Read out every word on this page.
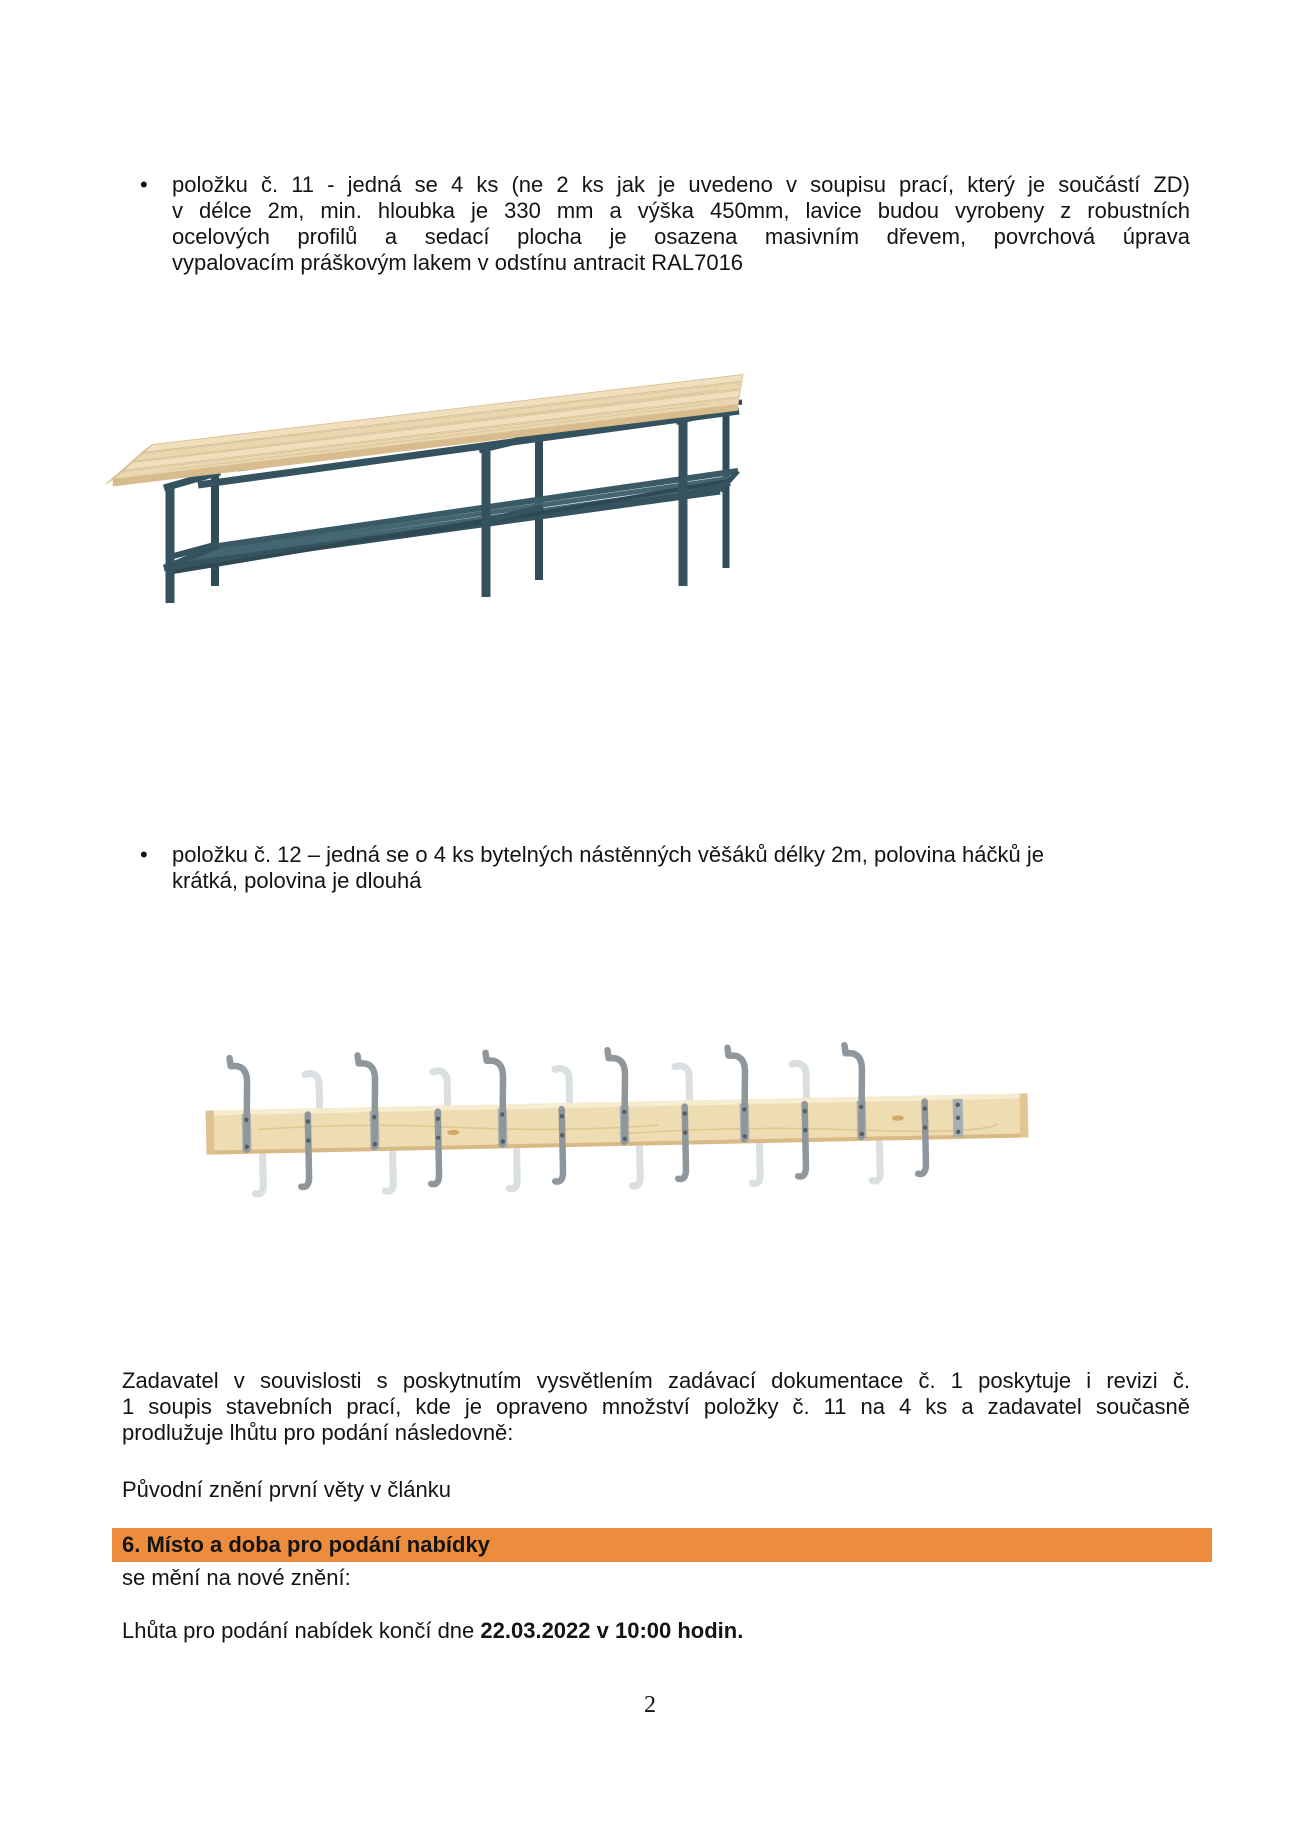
•	položku č. 11 - jedná se 4 ks (ne 2 ks jak je uvedeno v soupisu prací, který je součástí ZD)
v délce 2m, min. hloubka je 330 mm a výška 450mm, lavice budou vyrobeny z robustních
ocelových profilů a sedací plocha je osazena masivním dřevem, povrchová úprava
vypalovacím práškovým lakem v odstínu antracit RAL7016
•	položku č. 12 – jedná se o 4 ks bytelných nástěnných věšáků délky 2m, polovina háčků je
krátká, polovina je dlouhá
Zadavatel v souvislosti s poskytnutím vysvětlením zadávací dokumentace č. 1 poskytuje i revizi č.
1 soupis stavebních prací, kde je opraveno množství položky č. 11 na 4 ks a zadavatel současně
prodlužuje lhůtu pro podání následovně:
Původní znění první věty v článku
6. Místo a doba pro podání nabídky
se mění na nové znění:
Lhůta pro podání nabídek končí dne 22.03.2022 v 10:00 hodin.
2
